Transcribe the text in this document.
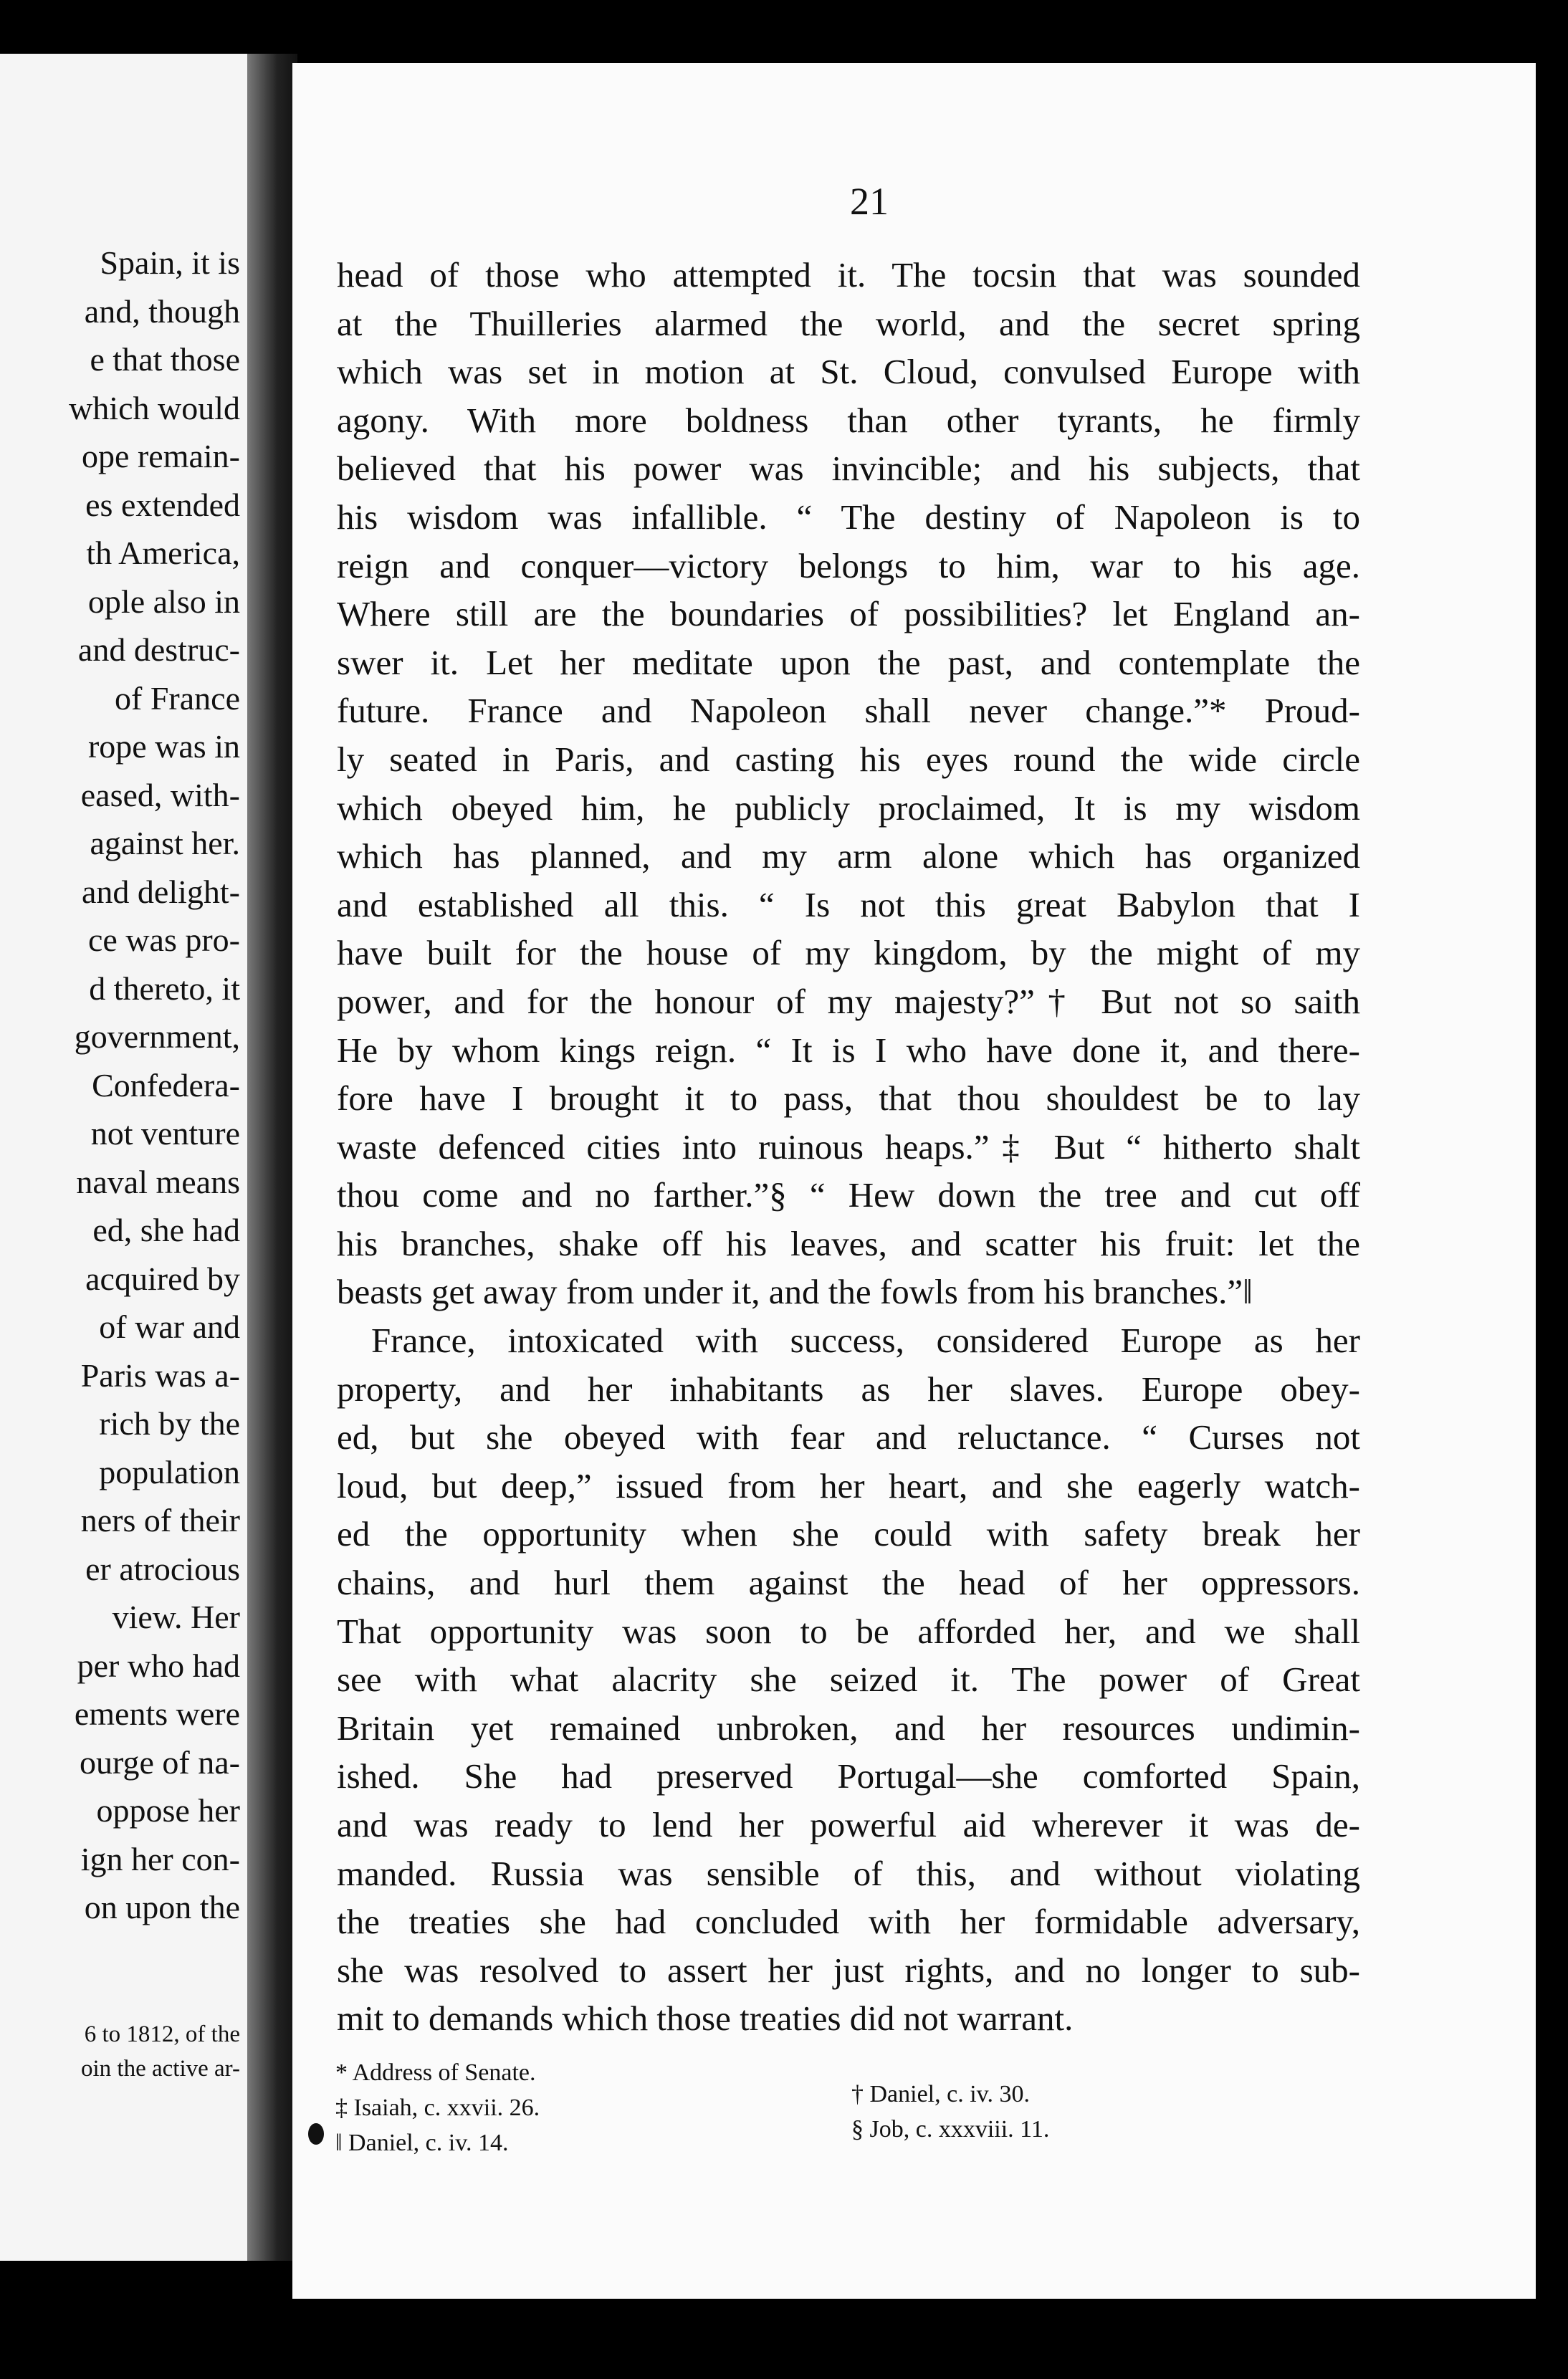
Spain, it is
and, though
e that those
which would
ope remain-
es extended
th America,
ople also in
and destruc-
of France
rope was in
eased, with-
against her.
and delight-
ce was pro-
d thereto, it
government,
Confedera-
not venture
naval means
ed, she had
acquired by
of war and
Paris was a-
rich by the
population
ners of their
er atrocious
view. Her
per who had
ements were
ourge of na-
oppose her
ign her con-
on upon the
6 to 1812, of the
oin the active ar-
21
head of those who attempted it. The tocsin that was sounded
at the Thuilleries alarmed the world, and the secret spring
which was set in motion at St. Cloud, convulsed Europe with
agony. With more boldness than other tyrants, he firmly
believed that his power was invincible; and his subjects, that
his wisdom was infallible. “ The destiny of Napoleon is to
reign and conquer—victory belongs to him, war to his age.
Where still are the boundaries of possibilities? let England an-
swer it. Let her meditate upon the past, and contemplate the
future. France and Napoleon shall never change.”* Proud-
ly seated in Paris, and casting his eyes round the wide circle
which obeyed him, he publicly proclaimed, It is my wisdom
which has planned, and my arm alone which has organized
and established all this. “ Is not this great Babylon that I
have built for the house of my kingdom, by the might of my
power, and for the honour of my majesty?”† But not so saith
He by whom kings reign. “ It is I who have done it, and there-
fore have I brought it to pass, that thou shouldest be to lay
waste defenced cities into ruinous heaps.”‡ But “ hitherto shalt
thou come and no farther.”§ “ Hew down the tree and cut off
his branches, shake off his leaves, and scatter his fruit: let the
beasts get away from under it, and the fowls from his branches.”‖
France, intoxicated with success, considered Europe as her
property, and her inhabitants as her slaves. Europe obey-
ed, but she obeyed with fear and reluctance. “ Curses not
loud, but deep,” issued from her heart, and she eagerly watch-
ed the opportunity when she could with safety break her
chains, and hurl them against the head of her oppressors.
That opportunity was soon to be afforded her, and we shall
see with what alacrity she seized it. The power of Great
Britain yet remained unbroken, and her resources undimin-
ished. She had preserved Portugal—she comforted Spain,
and was ready to lend her powerful aid wherever it was de-
manded. Russia was sensible of this, and without violating
the treaties she had concluded with her formidable adversary,
she was resolved to assert her just rights, and no longer to sub-
mit to demands which those treaties did not warrant.
* Address of Senate.
‡ Isaiah, c. xxvii. 26.
‖ Daniel, c. iv. 14.
† Daniel, c. iv. 30.
§ Job, c. xxxviii. 11.
